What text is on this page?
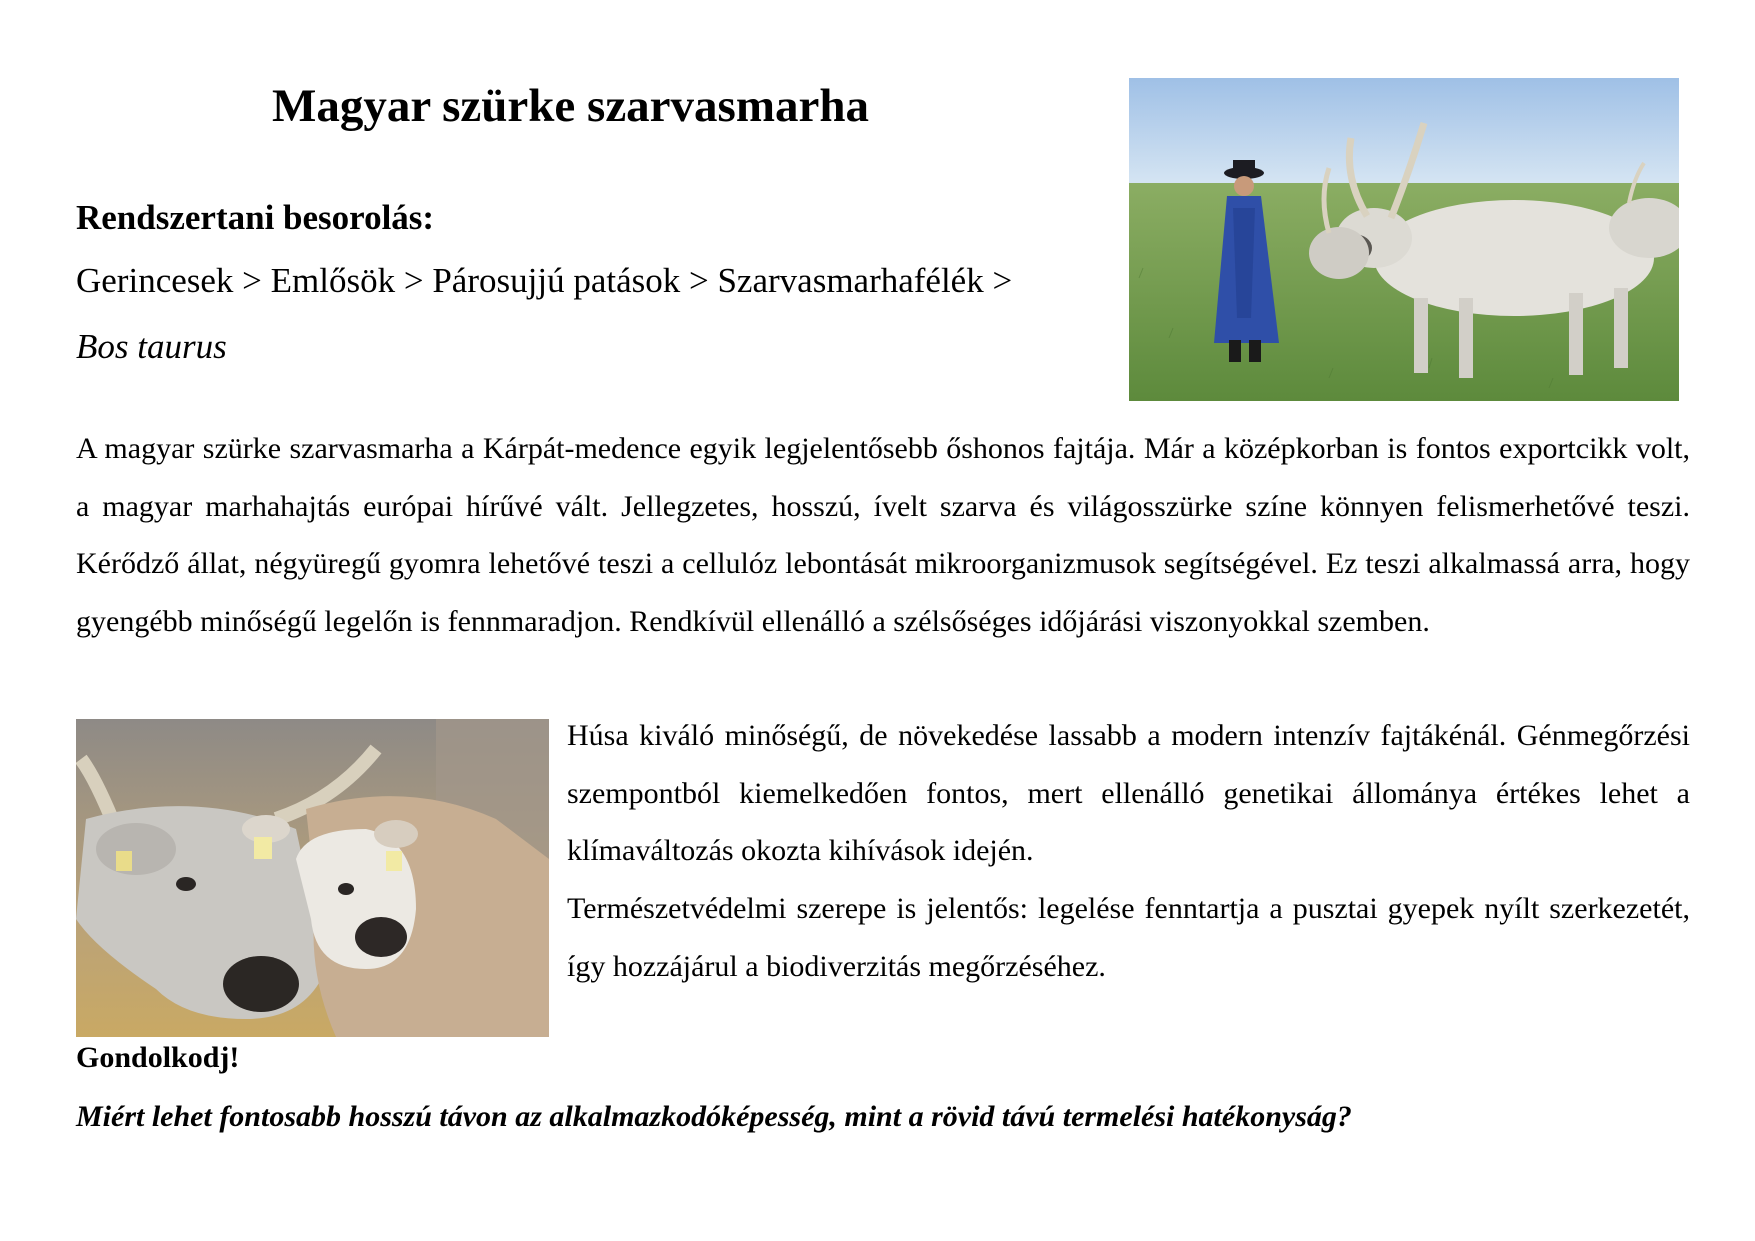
Magyar szürke szarvasmarha
Rendszertani besorolás:
Gerincesek > Emlősök > Párosujjú patások > Szarvasmarhafélék >
Bos taurus

A magyar szürke szarvasmarha a Kárpát-medence egyik legjelentősebb őshonos fajtája. Már a középkorban is fontos exportcikk volt, a magyar marhahajtás európai hírűvé vált. Jellegzetes, hosszú, ívelt szarva és világosszürke színe könnyen felismerhetővé teszi. Kérődző állat, négyüregű gyomra lehetővé teszi a cellulóz lebontását mikroorganizmusok segítségével. Ez teszi alkalmassá arra, hogy gyengébb minőségű legelőn is fennmaradjon. Rendkívül ellenálló a szélsőséges időjárási viszonyokkal szemben.

Húsa kiváló minőségű, de növekedése lassabb a modern intenzív fajtákénál. Génmegőrzési szempontból kiemelkedően fontos, mert ellenálló genetikai állománya értékes lehet a klímaváltozás okozta kihívások idején.

Természetvédelmi szerepe is jelentős: legelése fenntartja a pusztai gyepek nyílt szerkezetét, így hozzájárul a biodiverzitás megőrzéséhez.

Gondolkodj!
Miért lehet fontosabb hosszú távon az alkalmazkodóképesség, mint a rövid távú termelési hatékonyság?
